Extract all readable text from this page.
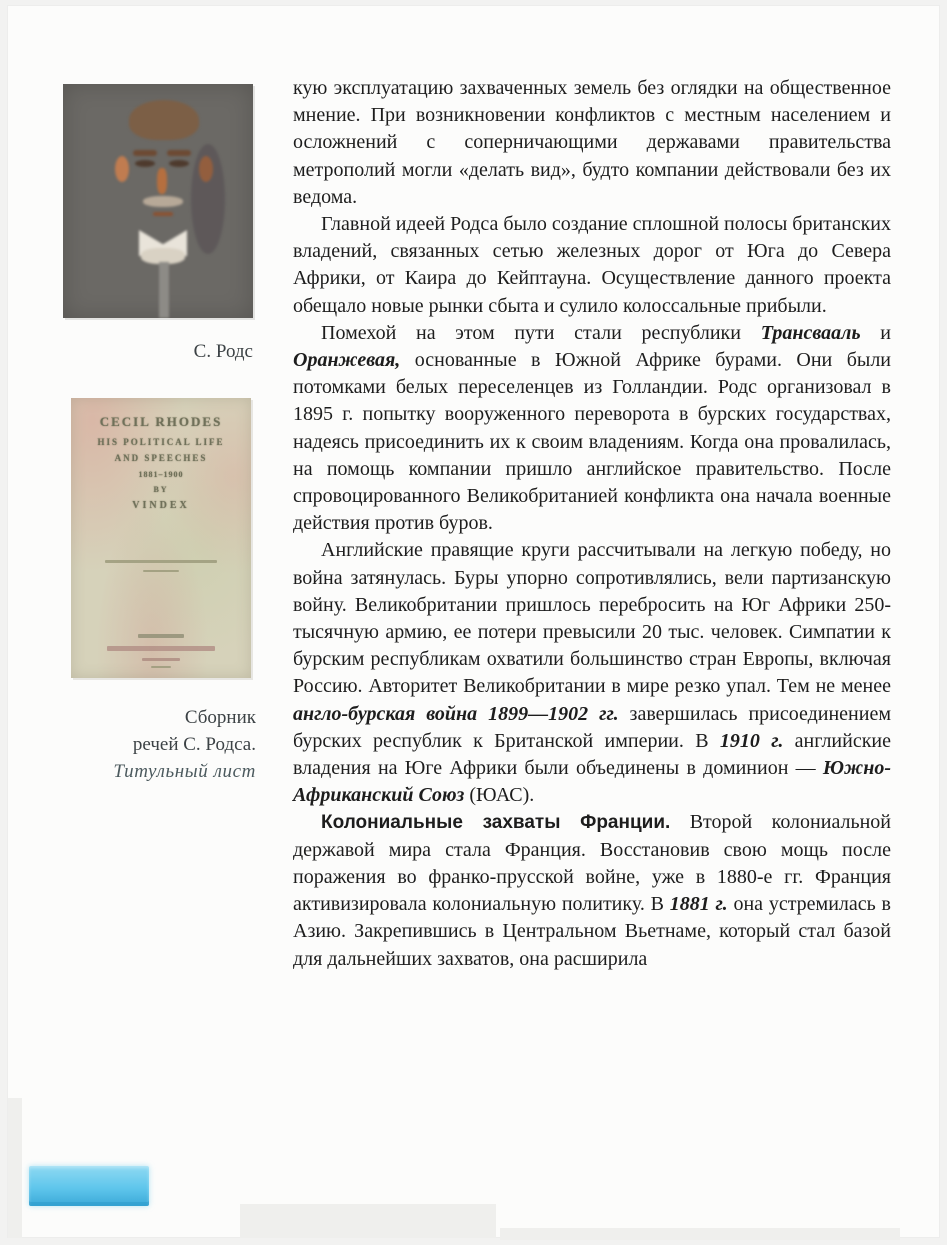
С. Родс
CECIL RHODES
HIS POLITICAL LIFE
AND SPEECHES
1881–1900
BY
VINDEX
Сборник
речей С. Родса.
Титульный лист

кую эксплуатацию захваченных земель без оглядки на общественное мнение. При возникновении конфликтов с местным населением и осложнений с соперничающими державами правительства метрополий могли «делать вид», будто компании действовали без их ведома.

Главной идеей Родса было создание сплошной полосы британских владений, связанных сетью железных дорог от Юга до Севера Африки, от Каира до Кейптауна. Осуществление данного проекта обещало новые рынки сбыта и сулило колоссальные прибыли.

Помехой на этом пути стали республики Трансвааль и Оранжевая, основанные в Южной Африке бурами. Они были потомками белых переселенцев из Голландии. Родс организовал в 1895 г. попытку вооруженного переворота в бурских государствах, надеясь присоединить их к своим владениям. Когда она провалилась, на помощь компании пришло английское правительство. После спровоцированного Великобританией конфликта она начала военные действия против буров.

Английские правящие круги рассчитывали на легкую победу, но война затянулась. Буры упорно сопротивлялись, вели партизанскую войну. Великобритании пришлось перебросить на Юг Африки 250-тысячную армию, ее потери превысили 20 тыс. человек. Симпатии к бурским республикам охватили большинство стран Европы, включая Россию. Авторитет Великобритании в мире резко упал. Тем не менее англо-бурская война 1899—1902 гг. завершилась присоединением бурских республик к Британской империи. В 1910 г. английские владения на Юге Африки были объединены в доминион — Южно-Африканский Союз (ЮАС).

Колониальные захваты Франции. Второй колониальной державой мира стала Франция. Восстановив свою мощь после поражения во франко-прусской войне, уже в 1880-е гг. Франция активизировала колониальную политику. В 1881 г. она устремилась в Азию. Закрепившись в Центральном Вьетнаме, который стал базой для дальнейших захватов, она расширила
